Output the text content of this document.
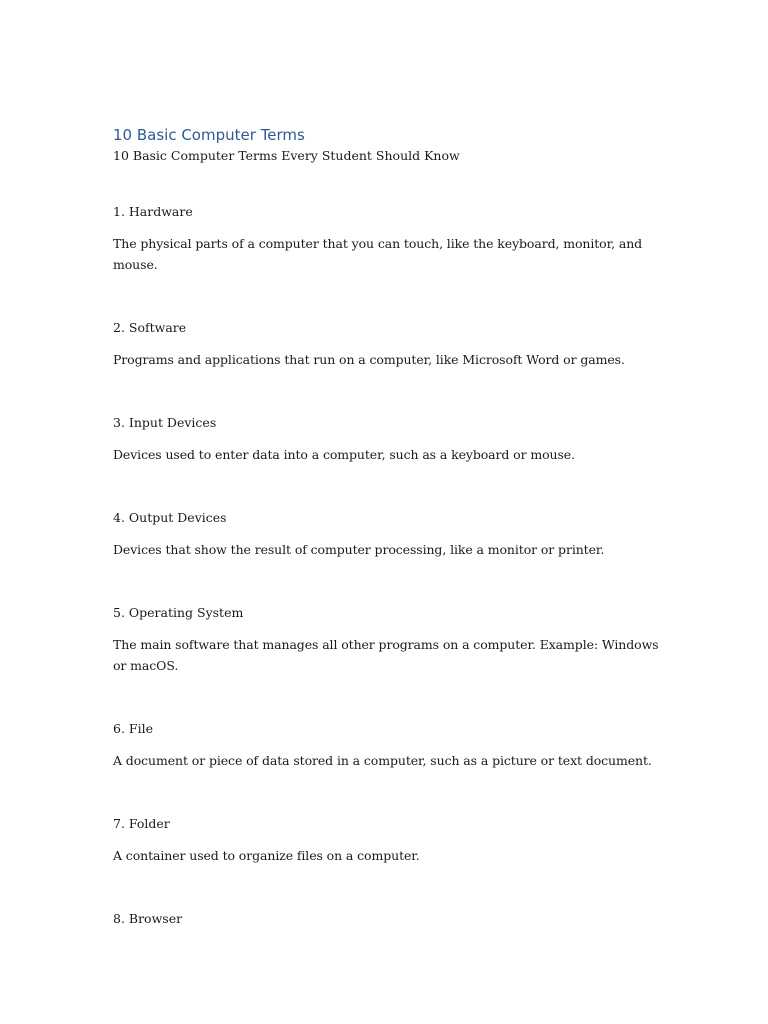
10 Basic Computer Terms

10 Basic Computer Terms Every Student Should Know

1. Hardware

The physical parts of a computer that you can touch, like the keyboard, monitor, and mouse.

2. Software

Programs and applications that run on a computer, like Microsoft Word or games.

3. Input Devices

Devices used to enter data into a computer, such as a keyboard or mouse.

4. Output Devices

Devices that show the result of computer processing, like a monitor or printer.

5. Operating System

The main software that manages all other programs on a computer. Example: Windows or macOS.

6. File

A document or piece of data stored in a computer, such as a picture or text document.

7. Folder

A container used to organize files on a computer.

8. Browser
